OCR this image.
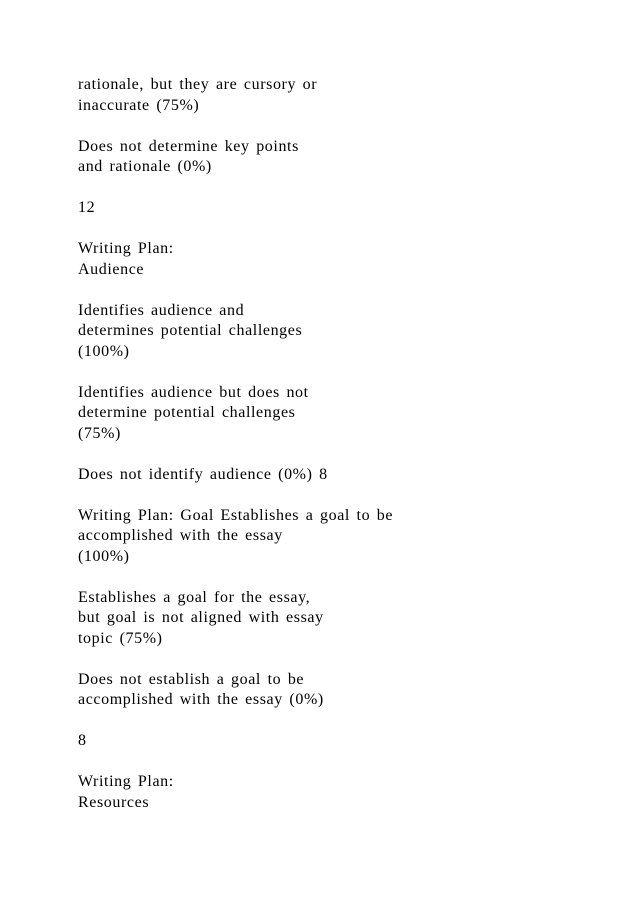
rationale, but they are cursory or
inaccurate (75%)

Does not determine key points
and rationale (0%)

12

Writing Plan:
Audience

Identifies audience and
determines potential challenges
(100%)

Identifies audience but does not
determine potential challenges
(75%)

Does not identify audience (0%) 8

Writing Plan: Goal Establishes a goal to be
accomplished with the essay
(100%)

Establishes a goal for the essay,
but goal is not aligned with essay
topic (75%)

Does not establish a goal to be
accomplished with the essay (0%)

8

Writing Plan:
Resources
